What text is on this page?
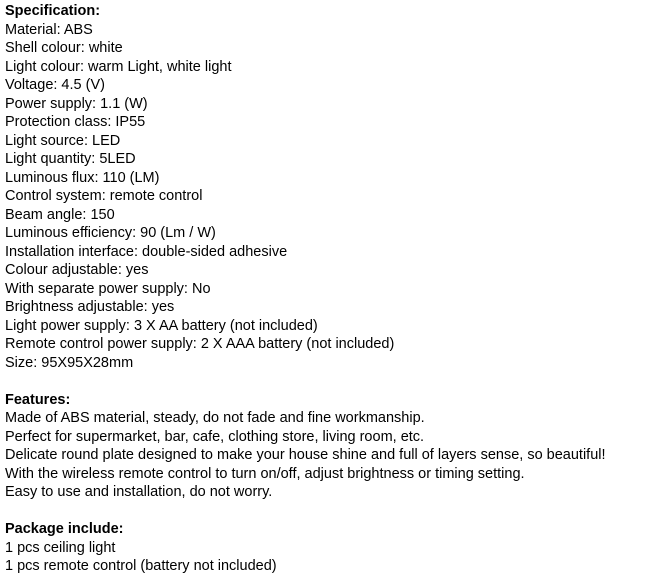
Specification:
Material: ABS
Shell colour: white
Light colour: warm Light, white light
Voltage: 4.5 (V)
Power supply: 1.1 (W)
Protection class: IP55
Light source: LED
Light quantity: 5LED
Luminous flux: 110 (LM)
Control system: remote control
Beam angle: 150
Luminous efficiency: 90 (Lm / W)
Installation interface: double-sided adhesive
Colour adjustable: yes
With separate power supply: No
Brightness adjustable: yes
Light power supply: 3 X AA battery (not included)
Remote control power supply: 2 X AAA battery (not included)
Size: 95X95X28mm
Features:
Made of ABS material, steady, do not fade and fine workmanship.
Perfect for supermarket, bar, cafe, clothing store, living room, etc.
Delicate round plate designed to make your house shine and full of layers sense, so beautiful!
With the wireless remote control to turn on/off, adjust brightness or timing setting.
Easy to use and installation, do not worry.
Package include:
1 pcs ceiling light
1 pcs remote control (battery not included)
